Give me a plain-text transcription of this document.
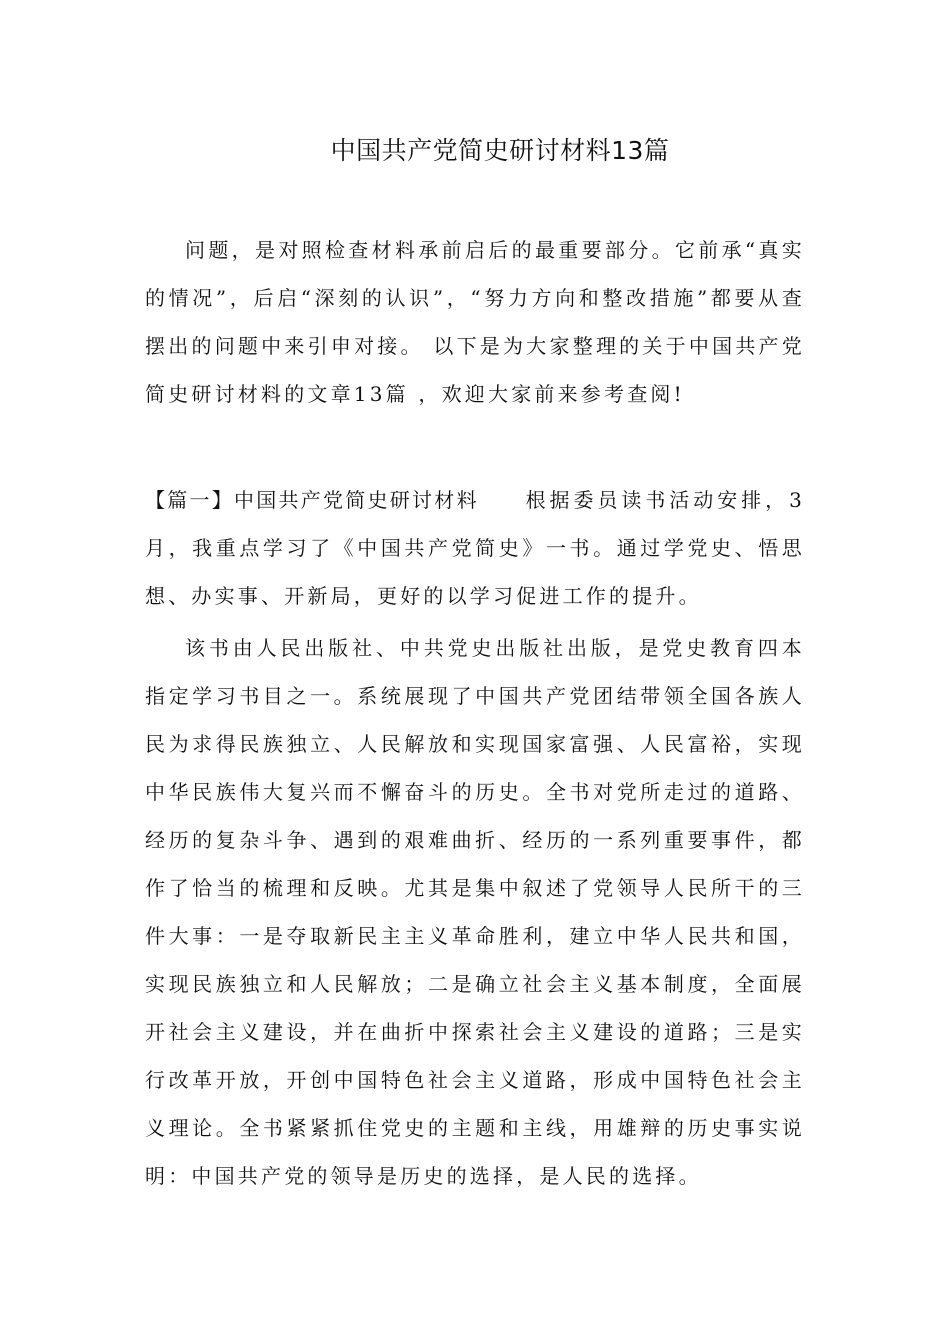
中国共产党简史研讨材料13篇

问题，是对照检查材料承前启后的最重要部分。它前承“真实的情况”，后启“深刻的认识”，“努力方向和整改措施”都要从查摆出的问题中来引申对接。 以下是为大家整理的关于中国共产党简史研讨材料的文章13篇 ，欢迎大家前来参考查阅!

【篇一】中国共产党简史研讨材料 根据委员读书活动安排，3月，我重点学习了《中国共产党简史》一书。通过学党史、悟思想、办实事、开新局，更好的以学习促进工作的提升。

该书由人民出版社、中共党史出版社出版，是党史教育四本指定学习书目之一。系统展现了中国共产党团结带领全国各族人民为求得民族独立、人民解放和实现国家富强、人民富裕，实现中华民族伟大复兴而不懈奋斗的历史。全书对党所走过的道路、经历的复杂斗争、遇到的艰难曲折、经历的一系列重要事件，都作了恰当的梳理和反映。尤其是集中叙述了党领导人民所干的三件大事：一是夺取新民主主义革命胜利，建立中华人民共和国，实现民族独立和人民解放；二是确立社会主义基本制度，全面展开社会主义建设，并在曲折中探索社会主义建设的道路；三是实行改革开放，开创中国特色社会主义道路，形成中国特色社会主义理论。全书紧紧抓住党史的主题和主线，用雄辩的历史事实说明：中国共产党的领导是历史的选择，是人民的选择。
